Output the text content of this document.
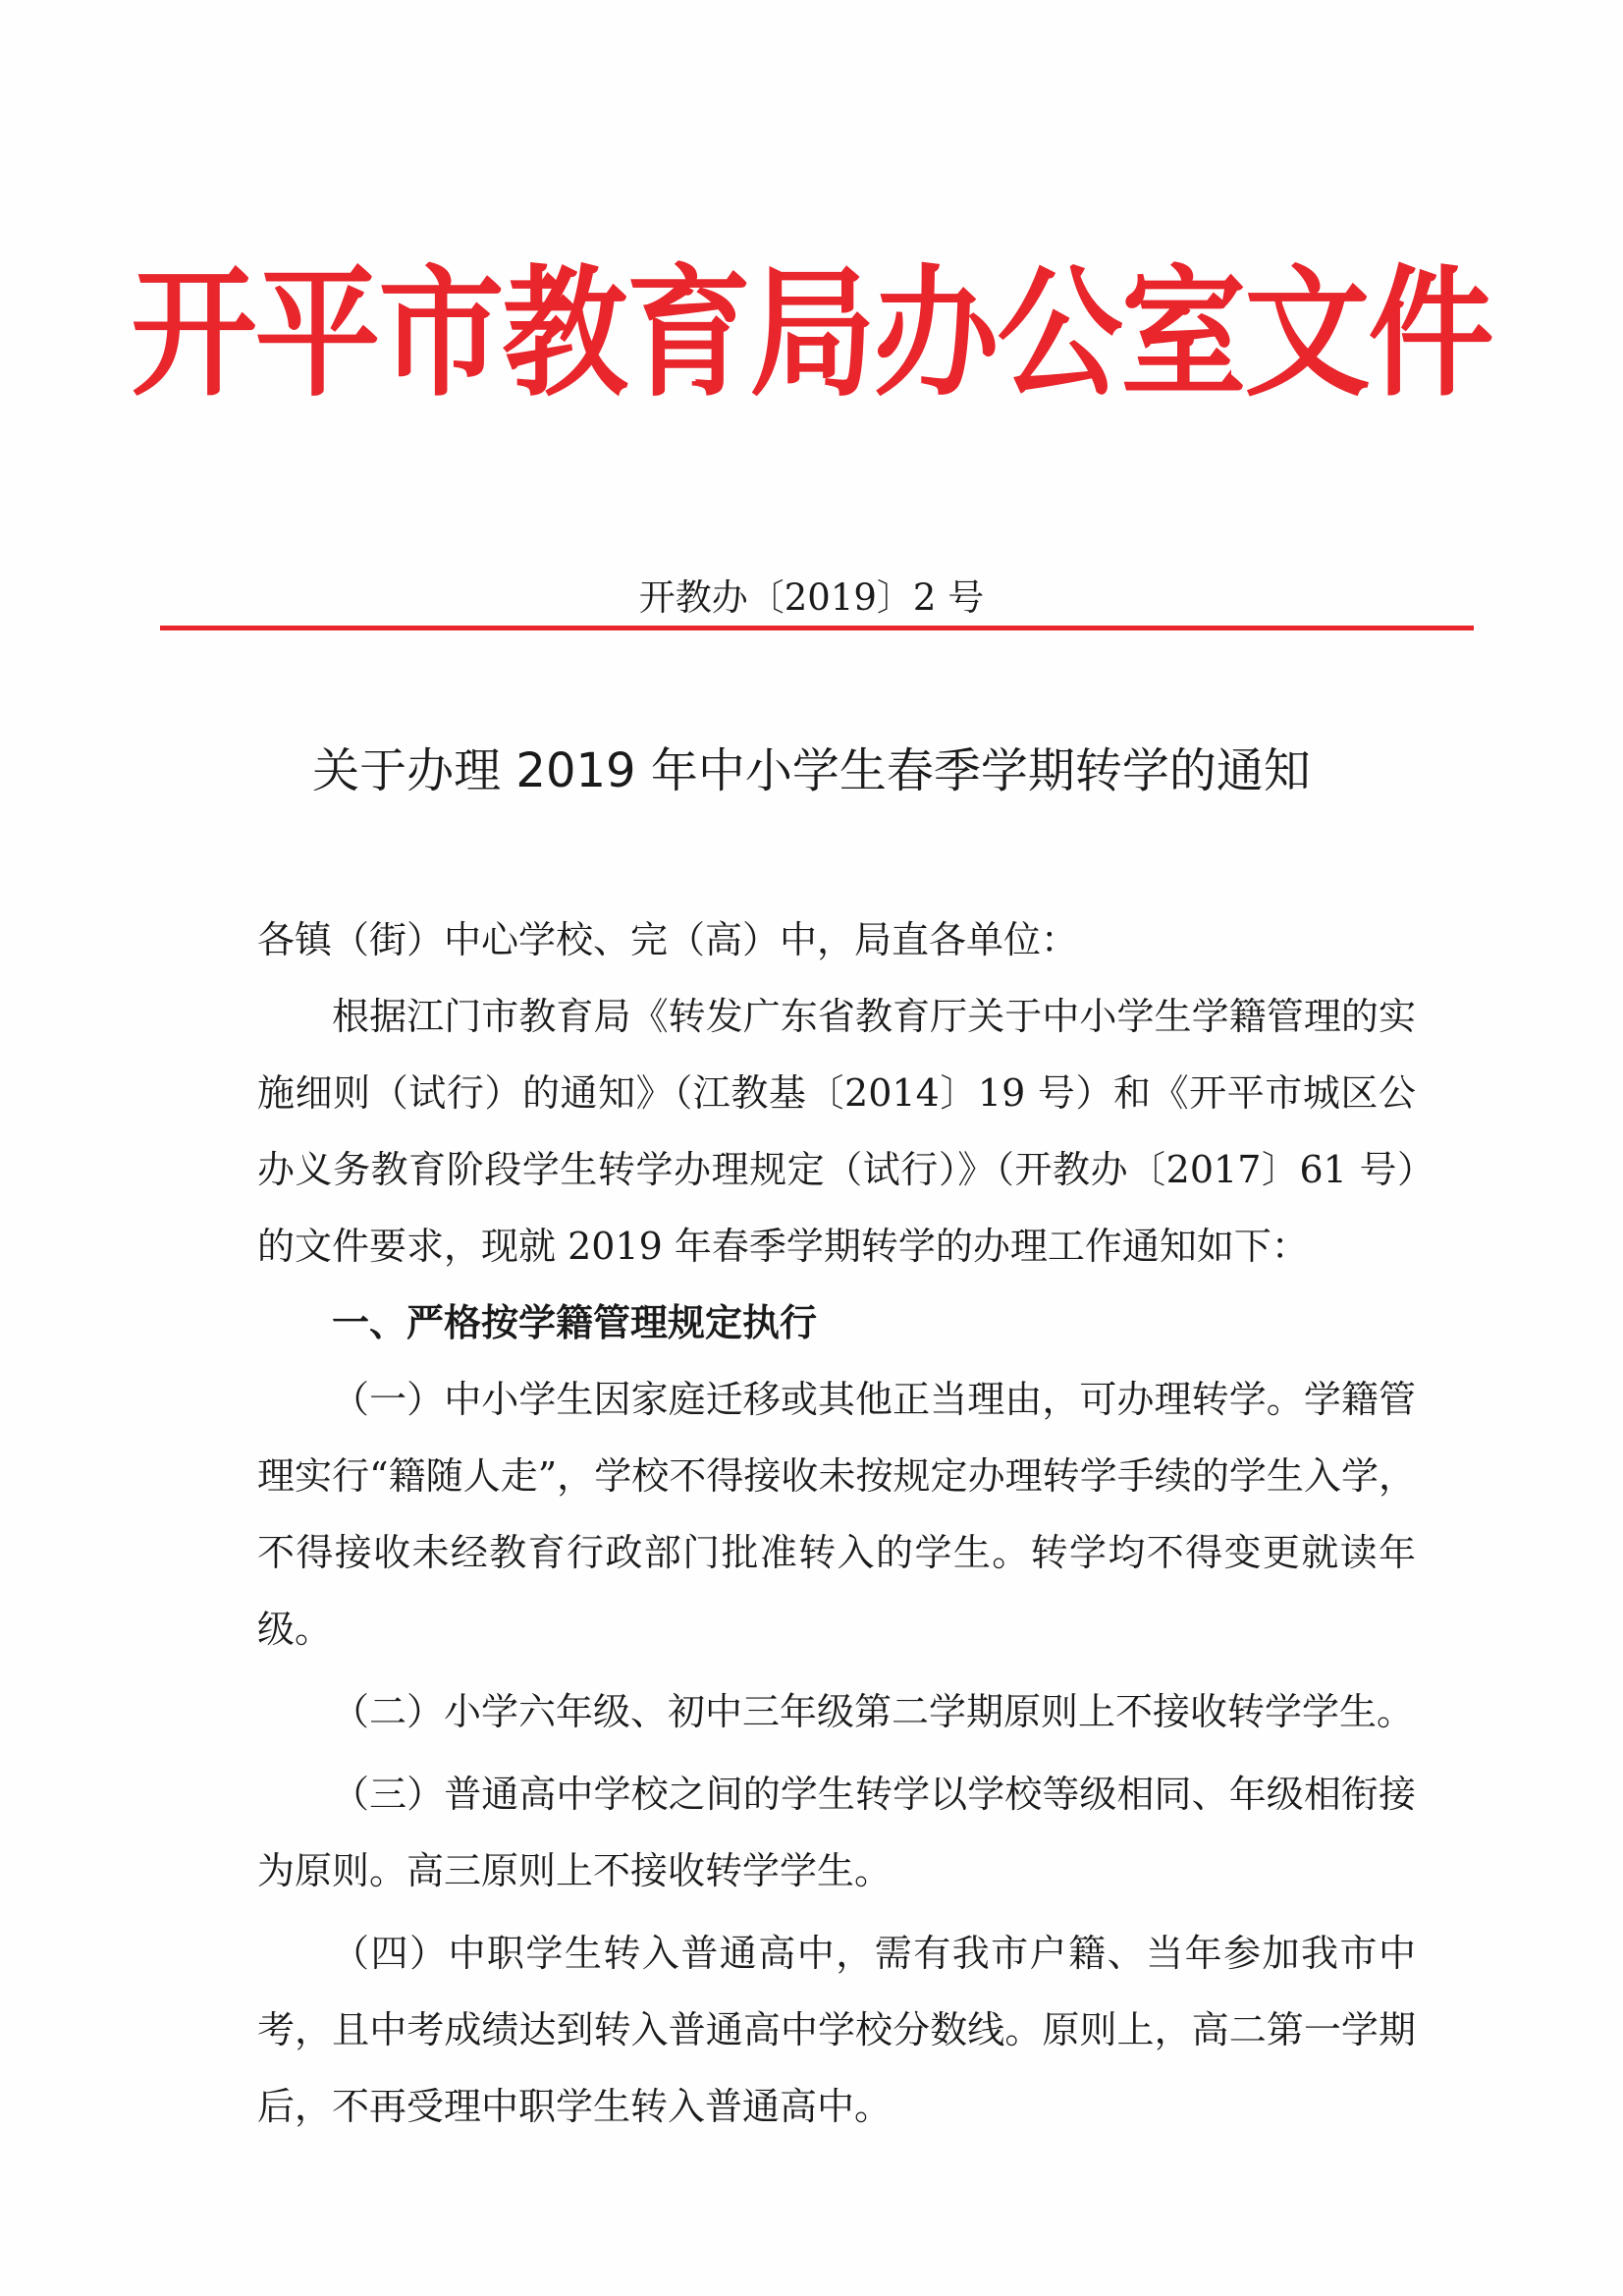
开平市教育局办公室文件
开教办〔2019〕2 号
关于办理 2019 年中小学生春季学期转学的通知

各镇（街）中心学校、完（高）中，局直各单位：

根据江门市教育局《转发广东省教育厅关于中小学生学籍管理的实施细则（试行）的通知》（江教基〔2014〕19 号）和《开平市城区公办义务教育阶段学生转学办理规定（试行）》（开教办〔2017〕61 号）的文件要求，现就 2019 年春季学期转学的办理工作通知如下：

一、严格按学籍管理规定执行

（一）中小学生因家庭迁移或其他正当理由，可办理转学。学籍管理实行“籍随人走”，学校不得接收未按规定办理转学手续的学生入学，不得接收未经教育行政部门批准转入的学生。转学均不得变更就读年级。

（二）小学六年级、初中三年级第二学期原则上不接收转学学生。

（三）普通高中学校之间的学生转学以学校等级相同、年级相衔接为原则。高三原则上不接收转学学生。

（四）中职学生转入普通高中，需有我市户籍、当年参加我市中考，且中考成绩达到转入普通高中学校分数线。原则上，高二第一学期后，不再受理中职学生转入普通高中。
